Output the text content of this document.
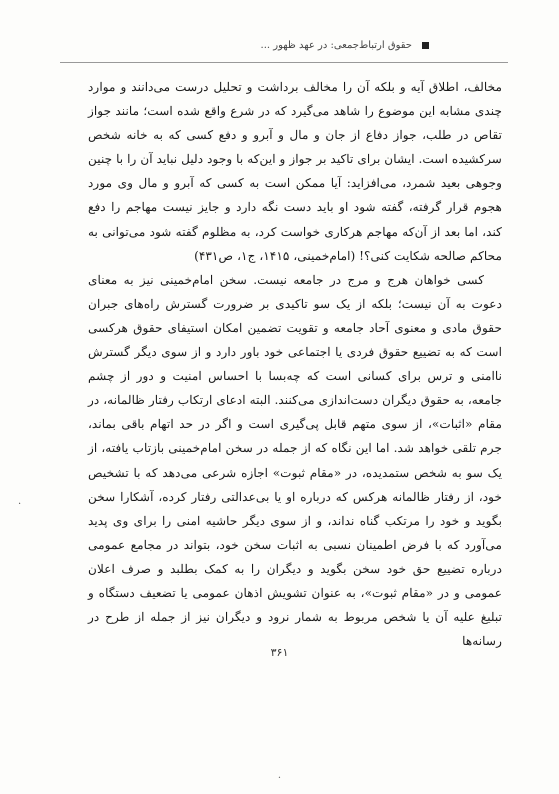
حقوق ارتباط‌جمعی: در عهد ظهور ...

مخالف، اطلاق آیه و بلکه آن را مخالف برداشت و تحلیل درست می‌دانند و موارد چندی مشابه این موضوع را شاهد می‌گیرد که در شرع واقع شده است؛ مانند جواز تقاص در طلب، جواز دفاع از جان و مال و آبرو و دفع کسی که به خانه شخص سرکشیده است. ایشان برای تاکید بر جواز و این‌که با وجود دلیل نباید آن را با چنین وجوهی بعید شمرد، می‌افزاید: آیا ممکن است به کسی که آبرو و مال وی مورد هجوم قرار گرفته، گفته شود او باید دست نگه دارد و جایز نیست مهاجم را دفع کند، اما بعد از آن‌که مهاجم هرکاری خواست کرد، به مظلوم گفته شود می‌توانی به محاکم صالحه شکایت کنی؟! (امام‌خمینی، ۱۴۱۵، ج۱، ص۴۳۱)

کسی خواهان هرج و مرج در جامعه نیست. سخن امام‌خمینی نیز به معنای دعوت به آن نیست؛ بلکه از یک سو تاکیدی بر ضرورت گسترش راه‌های جبران حقوق مادی و معنوی آحاد جامعه و تقویت تضمین امکان استیفای حقوق هرکسی است که به تضییع حقوق فردی یا اجتماعی خود باور دارد و از سوی دیگر گسترش ناامنی و ترس برای کسانی است که چه‌بسا با احساس امنیت و دور از چشم جامعه، به حقوق دیگران دست‌اندازی می‌کنند. البته ادعای ارتکاب رفتار ظالمانه، در مقام «اثبات»، از سوی متهم قابل پی‌گیری است و اگر در حد اتهام باقی بماند، جرم تلقی خواهد شد. اما این نگاه که از جمله در سخن امام‌خمینی بازتاب یافته، از یک سو به شخص ستمدیده، در «مقام ثبوت» اجازه شرعی می‌دهد که با تشخیص خود، از رفتار ظالمانه هرکس که درباره او یا بی‌عدالتی رفتار کرده، آشکارا سخن بگوید و خود را مرتکب گناه نداند، و از سوی دیگر حاشیه امنی را برای وی پدید می‌آورد که با فرض اطمینان نسبی به اثبات سخن خود، بتواند در مجامع عمومی درباره تضییع حق خود سخن بگوید و دیگران را به کمک بطلبد و صرف اعلان عمومی و در «مقام ثبوت»، به عنوان تشویش اذهان عمومی یا تضعیف دستگاه و تبلیغ علیه آن یا شخص مربوط به شمار نرود و دیگران نیز از جمله از طرح در رسانه‌ها

.
۳۶۱
.
